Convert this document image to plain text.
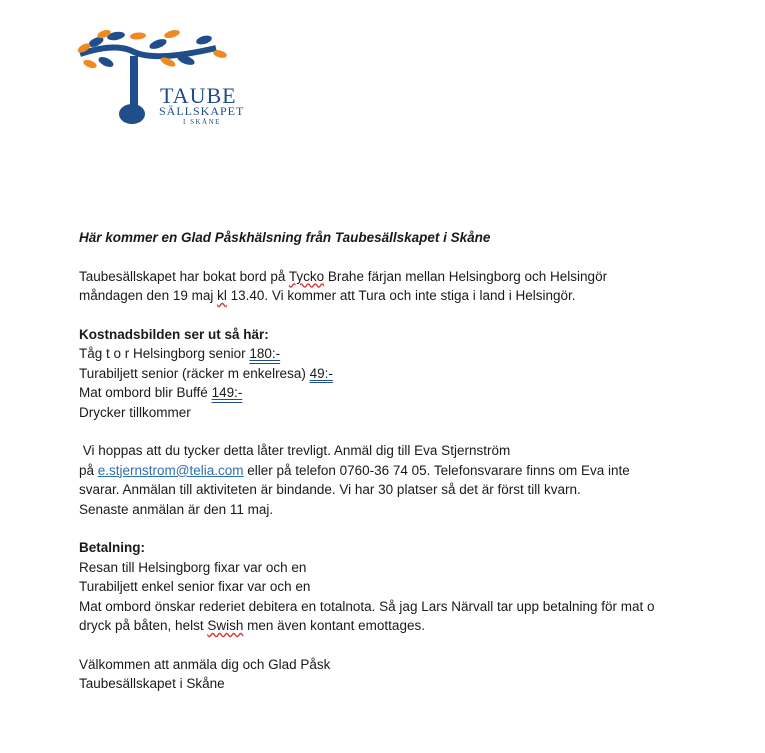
TAUBE
SÄLLSKAPET
I SKÅNE

Här kommer en Glad Påskhälsning från Taubesällskapet i Skåne

Taubesällskapet har bokat bord på Tycko Brahe färjan mellan Helsingborg och Helsingör

måndagen den 19 maj kl 13.40. Vi kommer att Tura och inte stiga i land i Helsingör.

Kostnadsbilden ser ut så här:

Tåg t o r Helsingborg senior 180:-

Turabiljett senior (räcker m enkelresa) 49:-

Mat ombord blir Buffé 149:-

Drycker tillkommer

Vi hoppas att du tycker detta låter trevligt. Anmäl dig till Eva Stjernström

på e.stjernstrom@telia.com eller på telefon 0760-36 74 05. Telefonsvarare finns om Eva inte

svarar. Anmälan till aktiviteten är bindande. Vi har 30 platser så det är först till kvarn.

Senaste anmälan är den 11 maj.

Betalning:

Resan till Helsingborg fixar var och en

Turabiljett enkel senior fixar var och en

Mat ombord önskar rederiet debitera en totalnota. Så jag Lars Närvall tar upp betalning för mat o

dryck på båten, helst Swish men även kontant emottages.

Välkommen att anmäla dig och Glad Påsk

Taubesällskapet i Skåne
